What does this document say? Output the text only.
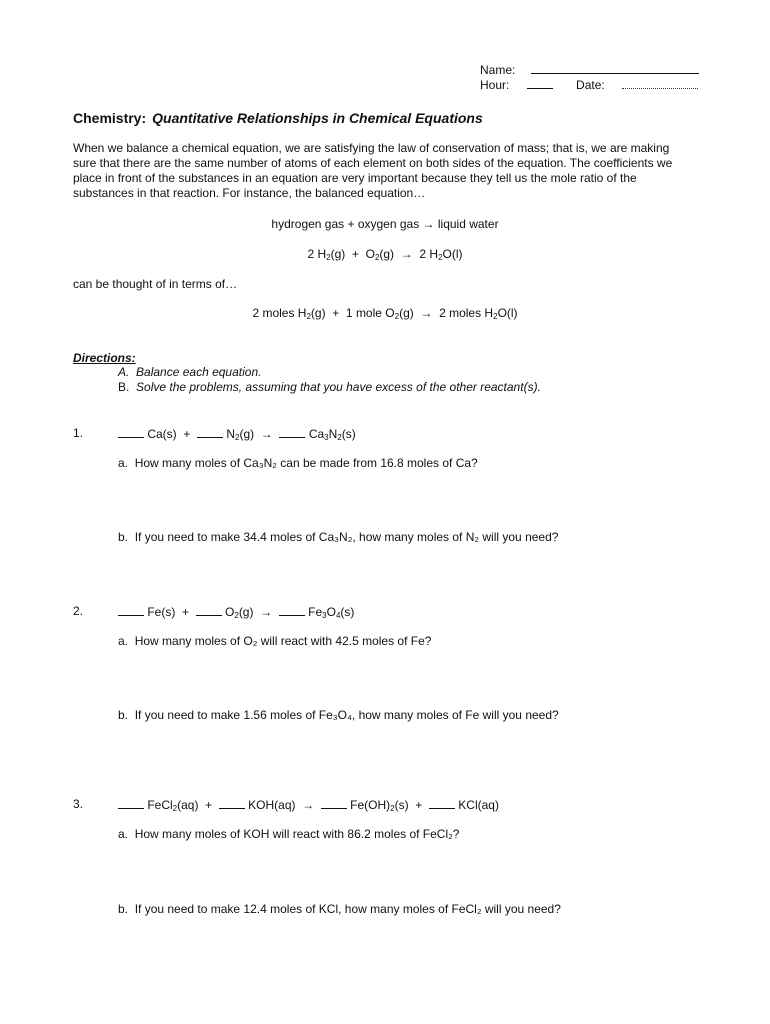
Name:
Hour:	Date:
Chemistry: Quantitative Relationships in Chemical Equations
When we balance a chemical equation, we are satisfying the law of conservation of mass; that is, we are making sure that there are the same number of atoms of each element on both sides of the equation. The coefficients we place in front of the substances in an equation are very important because they tell us the mole ratio of the substances in that reaction. For instance, the balanced equation…
hydrogen gas + oxygen gas → liquid water
2 $H_2(g) + O_2(g) \to 2$ $H_2O(l)$
can be thought of in terms of…
2 moles $H_2(g) + 1$ mole $O_2(g) \to 2$ moles $H_2O(l)$
Directions:
A. Balance each equation.
B. Solve the problems, assuming that you have excess of the other reactant(s).
1.	$Ca(s) + N_2(g) \to Ca_3N_2(s)$
a. How many moles of Ca₃N₂ can be made from 16.8 moles of Ca?
b. If you need to make 34.4 moles of Ca₃N₂, how many moles of N₂ will you need?
2.	$Fe(s) + O_2(g) \to Fe_3O_4(s)$
a. How many moles of O₂ will react with 42.5 moles of Fe?
b. If you need to make 1.56 moles of Fe₃O₄, how many moles of Fe will you need?
3.	FeCl$_2$(aq)  +   $KOH(aq) \to Fe(OH)_2(s) + KCl(aq)$
a. How many moles of KOH will react with 86.2 moles of FeCl₂?
b. If you need to make 12.4 moles of KCl, how many moles of FeCl₂ will you need?
